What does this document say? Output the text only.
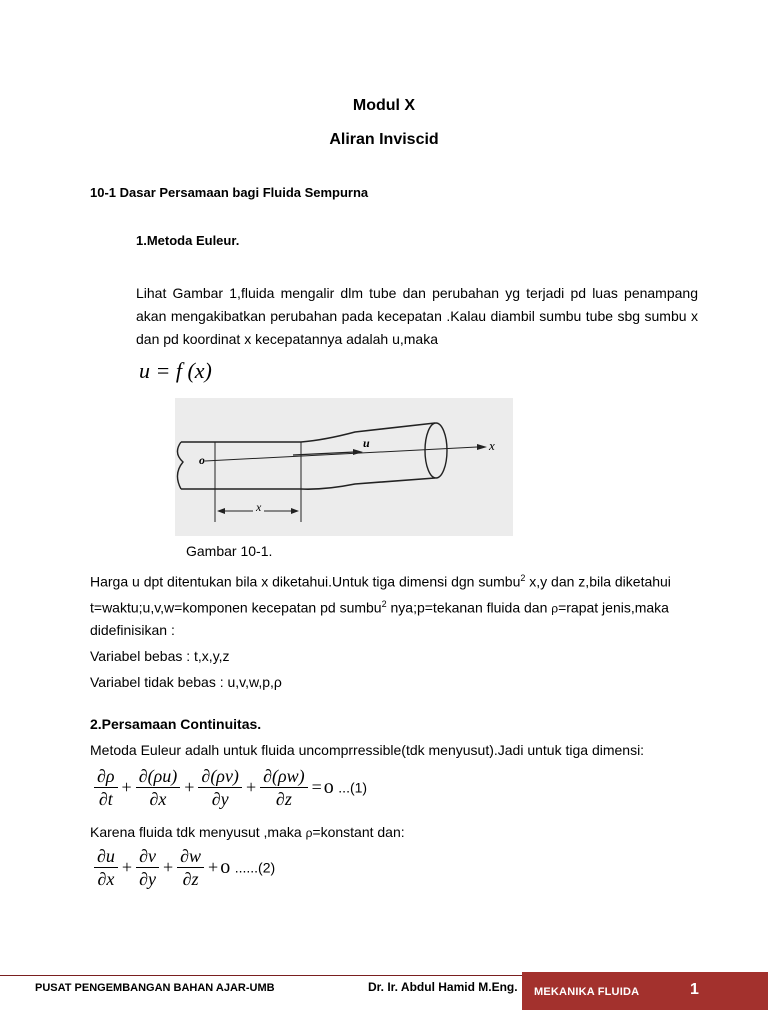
Modul X
Aliran Inviscid
10-1 Dasar Persamaan bagi Fluida Sempurna
1.Metoda Euleur.
Lihat Gambar 1,fluida mengalir dlm tube dan perubahan yg terjadi pd luas penampang akan mengakibatkan perubahan pada kecepatan .Kalau diambil sumbu tube sbg sumbu x dan pd koordinat x kecepatannya adalah u,maka
u = f (x)
o
u	x
x
Gambar 10-1.
Harga u dpt ditentukan bila x diketahui.Untuk tiga dimensi dgn sumbu$^2$ x,y dan z,bila diketahui
t=waktu;u,v,w=komponen kecepatan pd sumbu$^2$ nya;p=tekanan fluida dan ρ=rapat jenis,maka
didefinisikan :
Variabel bebas : t,x,y,z
Variabel tidak bebas : u,v,w,p,ρ
2.Persamaan Continuitas.
Metoda Euleur adalh untuk fluida uncomprressible(tdk menyusut).Jadi untuk tiga dimensi:
$\frac{\partial\rho}{\partial t} + \frac{\partial(\rho u)}{\partial x} + \frac{\partial(\rho v)}{\partial y} + \frac{\partial(\rho w)}{\partial z} = o$ ...(1)
Karena fluida tdk menyusut ,maka ρ=konstant dan:
$\frac{\partial u}{\partial x} + \frac{\partial v}{\partial y} + \frac{\partial w}{\partial z} + o$ ......(2)
PUSAT PENGEMBANGAN BAHAN AJAR-UMB	Dr. Ir. Abdul Hamid M.Eng. MEKANIKA FLUIDA	1
